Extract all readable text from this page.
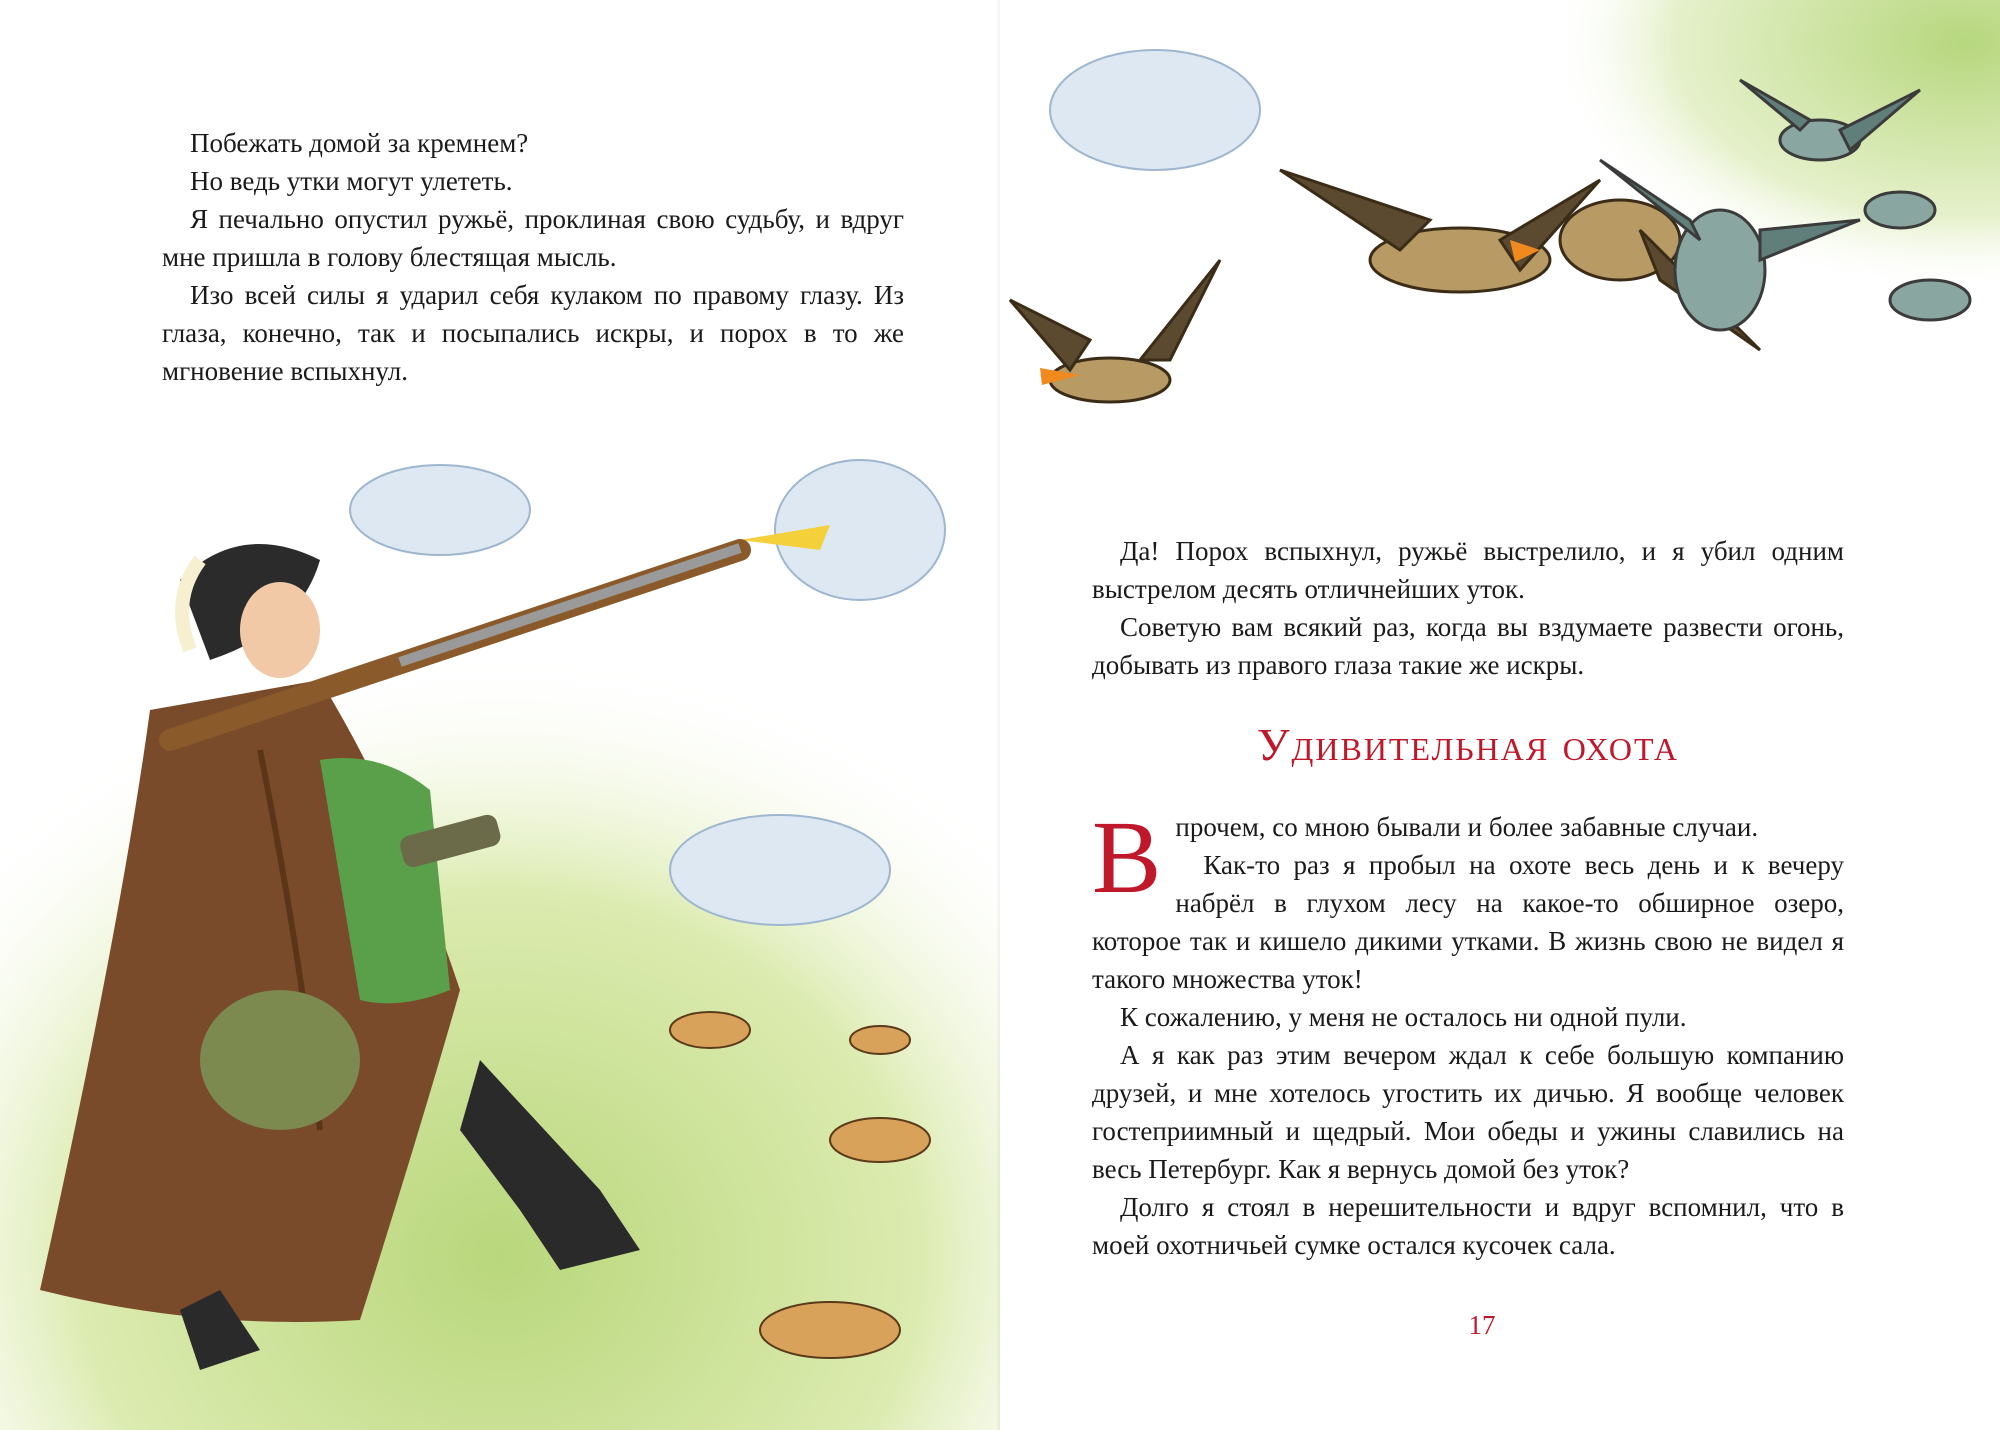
Побежать домой за кремнем?

Но ведь утки могут улететь.

Я печально опустил ружьё, проклиная свою судьбу, и вдруг мне пришла в голову блестящая мысль.

Изо всей силы я ударил себя кулаком по правому глазу. Из глаза, конечно, так и посыпались искры, и порох в то же мгновение вспыхнул.

Да! Порох вспыхнул, ружьё выстрелило, и я убил одним выстрелом десять отличнейших уток.

Советую вам всякий раз, когда вы вздумаете развести огонь, добывать из правого глаза такие же искры.

Удивительная охота

Впрочем, со мною бывали и более забавные случаи.

Как-то раз я пробыл на охоте весь день и к вечеру набрёл в глухом лесу на какое-то обширное озеро, которое так и кишело дикими утками. В жизнь свою не видел я такого множества уток!

К сожалению, у меня не осталось ни одной пули.

А я как раз этим вечером ждал к себе большую компанию друзей, и мне хотелось угостить их дичью. Я вообще человек гостеприимный и щедрый. Мои обеды и ужины славились на весь Петербург. Как я вернусь домой без уток?

Долго я стоял в нерешительности и вдруг вспомнил, что в моей охотничьей сумке остался кусочек сала.

17
